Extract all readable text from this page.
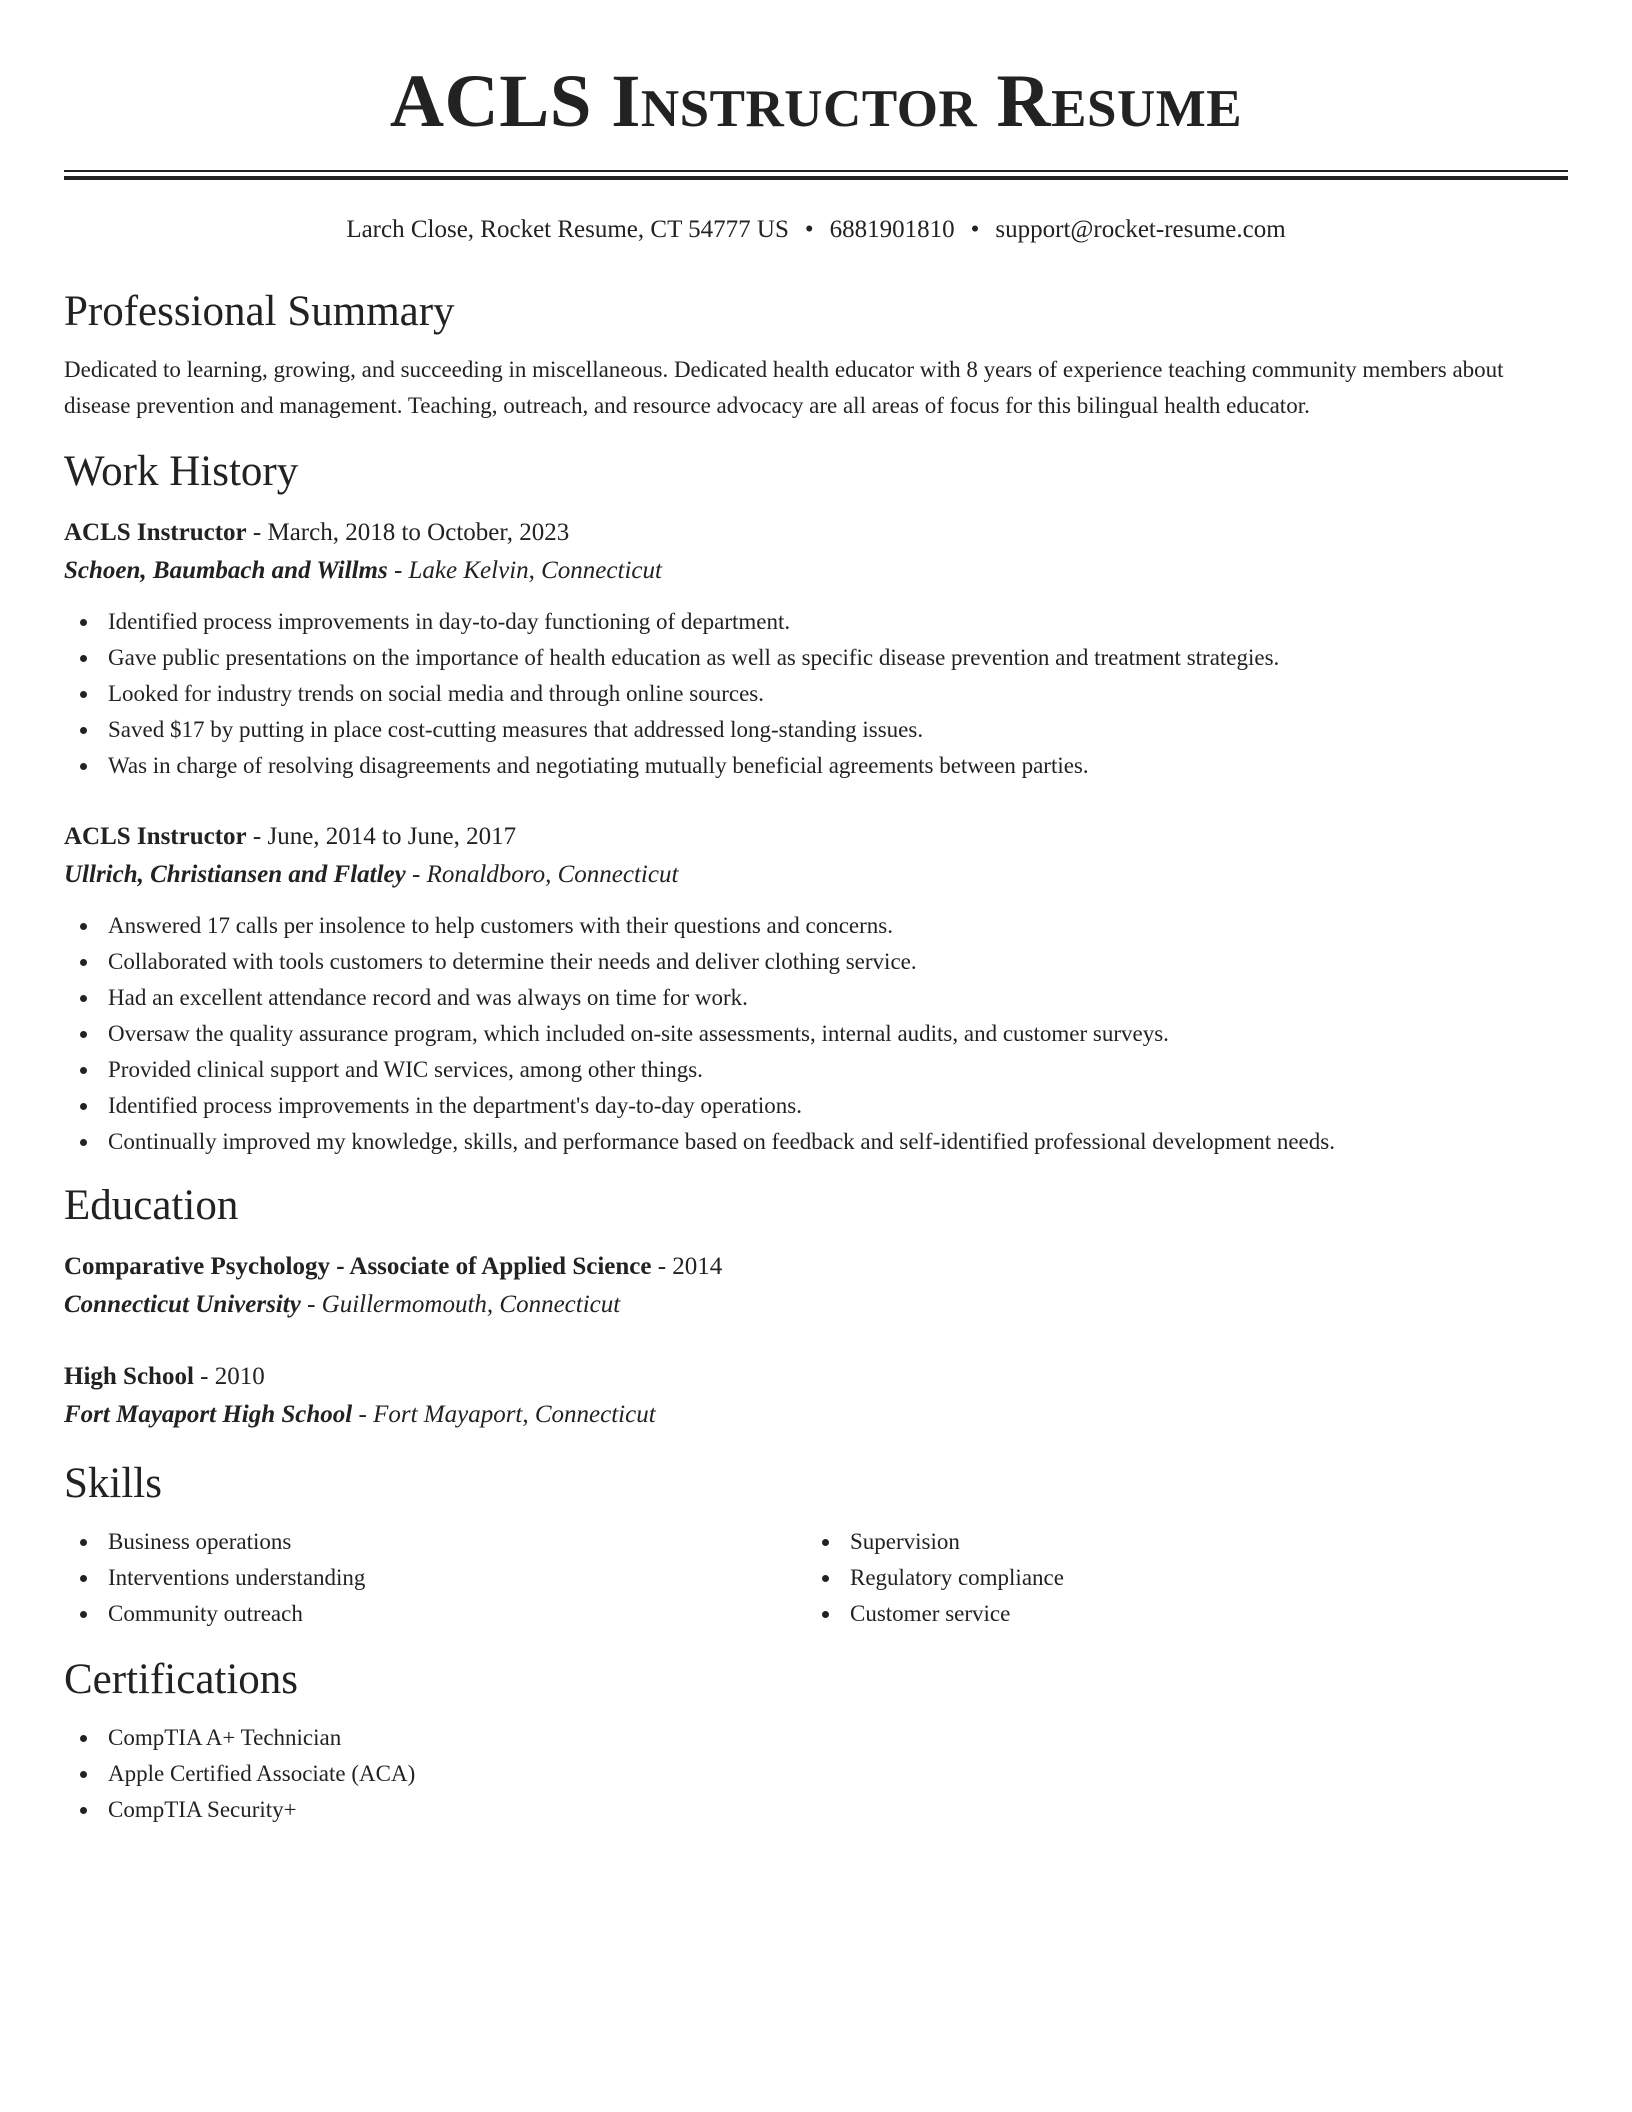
ACLS Instructor Resume
Larch Close, Rocket Resume, CT 54777 US • 6881901810 • support@rocket-resume.com
Professional Summary
Dedicated to learning, growing, and succeeding in miscellaneous. Dedicated health educator with 8 years of experience teaching community members about disease prevention and management. Teaching, outreach, and resource advocacy are all areas of focus for this bilingual health educator.
Work History
ACLS Instructor - March, 2018 to October, 2023
Schoen, Baumbach and Willms - Lake Kelvin, Connecticut
Identified process improvements in day-to-day functioning of department.
Gave public presentations on the importance of health education as well as specific disease prevention and treatment strategies.
Looked for industry trends on social media and through online sources.
Saved $17 by putting in place cost-cutting measures that addressed long-standing issues.
Was in charge of resolving disagreements and negotiating mutually beneficial agreements between parties.
ACLS Instructor - June, 2014 to June, 2017
Ullrich, Christiansen and Flatley - Ronaldboro, Connecticut
Answered 17 calls per insolence to help customers with their questions and concerns.
Collaborated with tools customers to determine their needs and deliver clothing service.
Had an excellent attendance record and was always on time for work.
Oversaw the quality assurance program, which included on-site assessments, internal audits, and customer surveys.
Provided clinical support and WIC services, among other things.
Identified process improvements in the department's day-to-day operations.
Continually improved my knowledge, skills, and performance based on feedback and self-identified professional development needs.
Education
Comparative Psychology - Associate of Applied Science - 2014
Connecticut University - Guillermomouth, Connecticut
High School - 2010
Fort Mayaport High School - Fort Mayaport, Connecticut
Skills
Business operations
Interventions understanding
Community outreach
Supervision
Regulatory compliance
Customer service
Certifications
CompTIA A+ Technician
Apple Certified Associate (ACA)
CompTIA Security+
